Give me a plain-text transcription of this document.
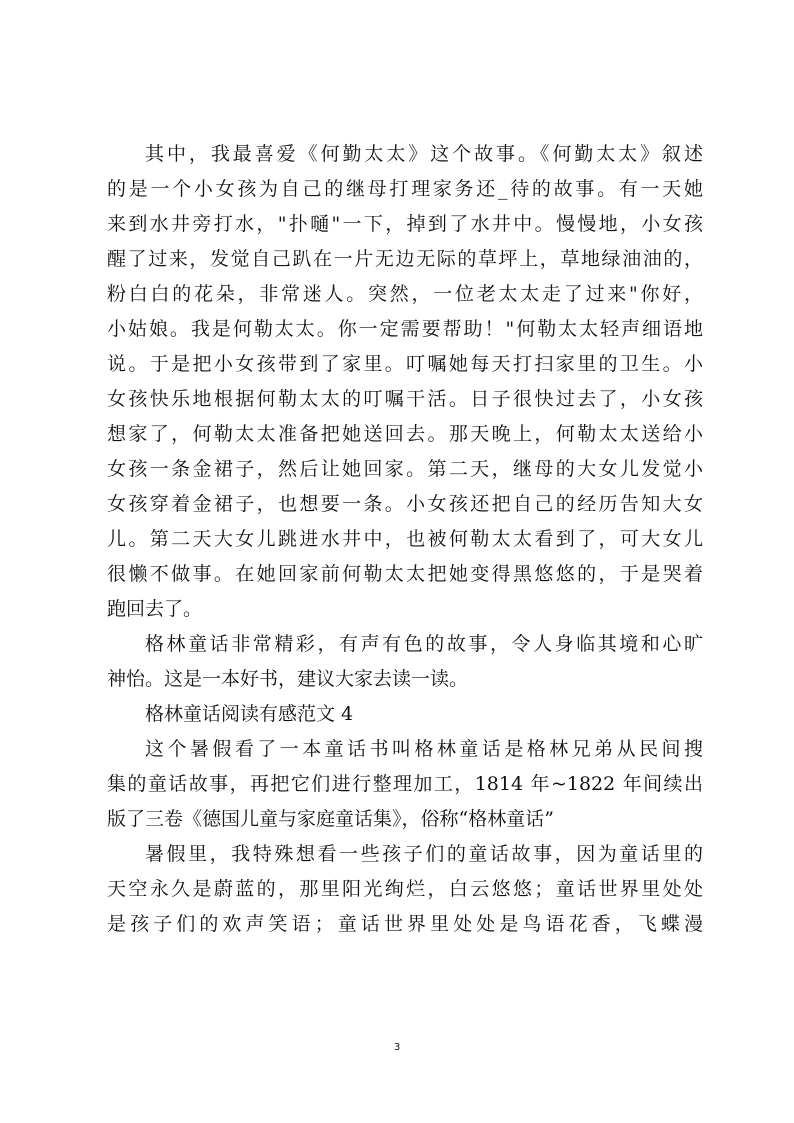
其中，我最喜爱《何勤太太》这个故事。《何勤太太》叙述
的是一个小女孩为自己的继母打理家务还_待的故事。有一天她
来到水井旁打水，"扑嗵"一下，掉到了水井中。慢慢地，小女孩
醒了过来，发觉自己趴在一片无边无际的草坪上，草地绿油油的，
粉白白的花朵，非常迷人。突然，一位老太太走了过来"你好，
小姑娘。我是何勒太太。你一定需要帮助！"何勒太太轻声细语地
说。于是把小女孩带到了家里。叮嘱她每天打扫家里的卫生。小
女孩快乐地根据何勒太太的叮嘱干活。日子很快过去了，小女孩
想家了，何勒太太准备把她送回去。那天晚上，何勒太太送给小
女孩一条金裙子，然后让她回家。第二天，继母的大女儿发觉小
女孩穿着金裙子，也想要一条。小女孩还把自己的经历告知大女
儿。第二天大女儿跳进水井中，也被何勒太太看到了，可大女儿
很懒不做事。在她回家前何勒太太把她变得黑悠悠的，于是哭着
跑回去了。
格林童话非常精彩，有声有色的故事，令人身临其境和心旷
神怡。这是一本好书，建议大家去读一读。
格林童话阅读有感范文 4
这个暑假看了一本童话书叫格林童话是格林兄弟从民间搜
集的童话故事，再把它们进行整理加工，1814 年~1822 年间续出
版了三卷《德国儿童与家庭童话集》，俗称“格林童话”
暑假里，我特殊想看一些孩子们的童话故事，因为童话里的
天空永久是蔚蓝的，那里阳光绚烂，白云悠悠；童话世界里处处
是孩子们的欢声笑语；童话世界里处处是鸟语花香，飞蝶漫
3
